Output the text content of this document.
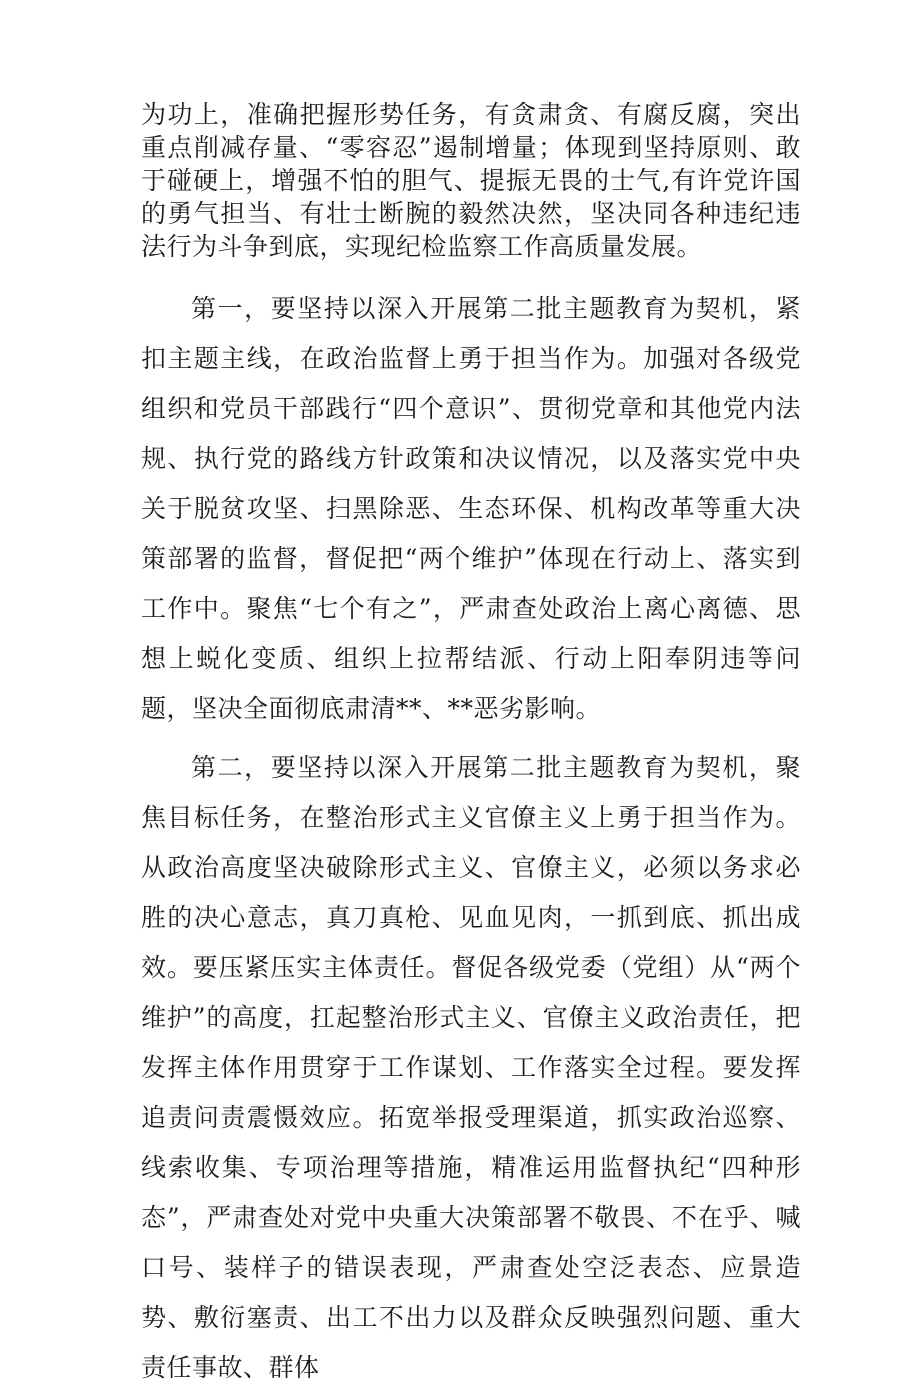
为功上，准确把握形势任务，有贪肃贪、有腐反腐，突出重点削减存量、“零容忍”遏制增量；体现到坚持原则、敢于碰硬上，增强不怕的胆气、提振无畏的士气,有许党许国的勇气担当、有壮士断腕的毅然决然，坚决同各种违纪违法行为斗争到底，实现纪检监察工作高质量发展。

第一，要坚持以深入开展第二批主题教育为契机，紧扣主题主线，在政治监督上勇于担当作为。加强对各级党组织和党员干部践行“四个意识”、贯彻党章和其他党内法规、执行党的路线方针政策和决议情况，以及落实党中央关于脱贫攻坚、扫黑除恶、生态环保、机构改革等重大决策部署的监督，督促把“两个维护”体现在行动上、落实到工作中。聚焦“七个有之”，严肃查处政治上离心离德、思想上蜕化变质、组织上拉帮结派、行动上阳奉阴违等问题，坚决全面彻底肃清**、**恶劣影响。

第二，要坚持以深入开展第二批主题教育为契机，聚焦目标任务，在整治形式主义官僚主义上勇于担当作为。从政治高度坚决破除形式主义、官僚主义，必须以务求必胜的决心意志，真刀真枪、见血见肉，一抓到底、抓出成效。要压紧压实主体责任。督促各级党委（党组）从“两个维护”的高度，扛起整治形式主义、官僚主义政治责任，把发挥主体作用贯穿于工作谋划、工作落实全过程。要发挥追责问责震慑效应。拓宽举报受理渠道，抓实政治巡察、线索收集、专项治理等措施，精准运用监督执纪“四种形态”，严肃查处对党中央重大决策部署不敬畏、不在乎、喊口号、装样子的错误表现，严肃查处空泛表态、应景造势、敷衍塞责、出工不出力以及群众反映强烈问题、重大责任事故、群体
